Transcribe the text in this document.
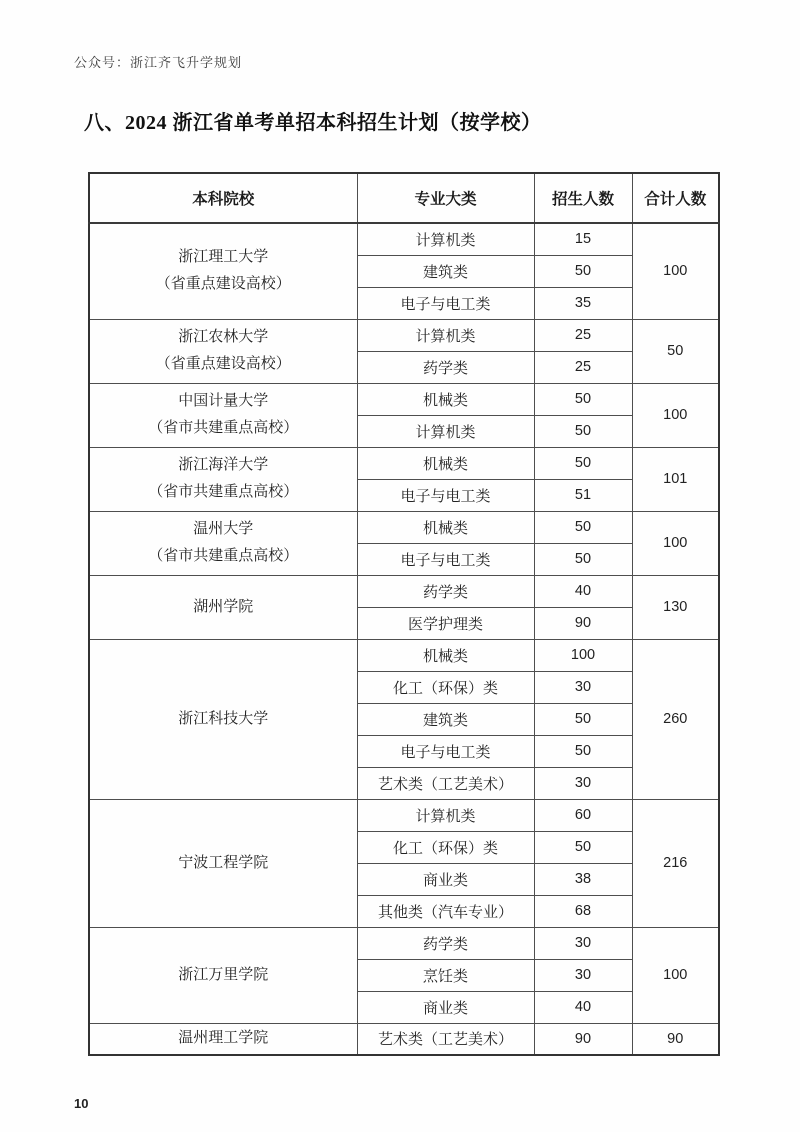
公众号：浙江齐飞升学规划
八、2024 浙江省单考单招本科招生计划（按学校）
本科院校	专业大类	招生人数	合计人数

浙江理工大学
（省重点建设高校）	计算机类	15	100
	建筑类	50	
	电子与电工类	35	

浙江农林大学
（省重点建设高校）	计算机类	25	50
	药学类	25	

中国计量大学
（省市共建重点高校）	机械类	50	100
	计算机类	50	

浙江海洋大学
（省市共建重点高校）	机械类	50	101
	电子与电工类	51	

温州大学
（省市共建重点高校）	机械类	50	100
	电子与电工类	50	

湖州学院	药学类	40	130
	医学护理类	90	

浙江科技大学	机械类	100	260
	化工（环保）类	30	
	建筑类	50	
	电子与电工类	50	
	艺术类（工艺美术）	30	

宁波工程学院	计算机类	60	216
	化工（环保）类	50	
	商业类	38	
	其他类（汽车专业）	68	

浙江万里学院	药学类	30	100
	烹饪类	30	
	商业类	40	

温州理工学院	艺术类（工艺美术）	90	90
10
